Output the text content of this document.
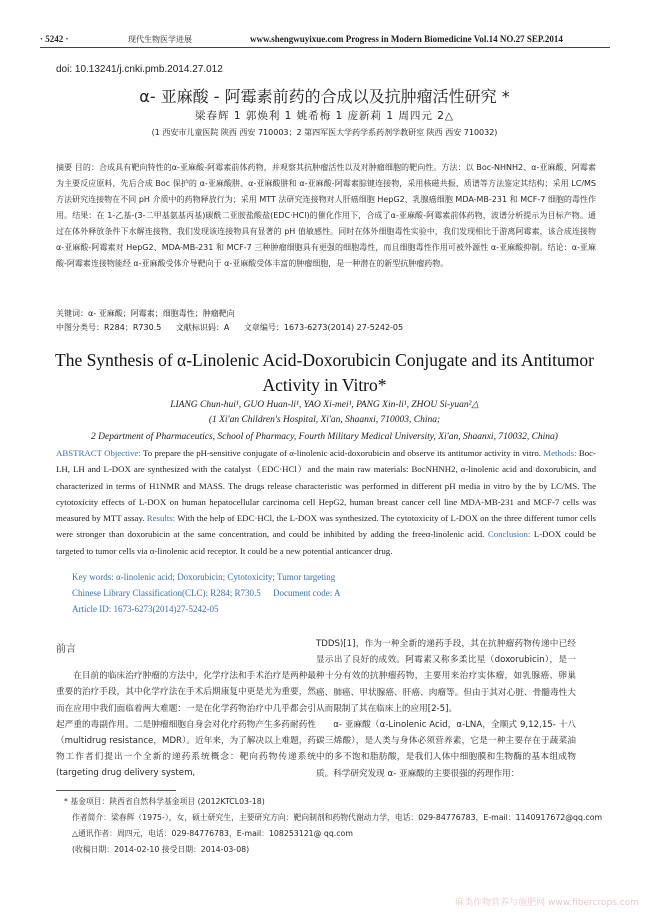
· 5242 ·	现代生物医学进展	www.shengwuyixue.com Progress in Modern Biomedicine Vol.14 NO.27 SEP.2014
doi: 10.13241/j.cnki.pmb.2014.27.012
α- 亚麻酸 - 阿霉素前药的合成以及抗肿瘤活性研究 *
梁春辉 1 郭焕利 1 姚希梅 1 庞新莉 1 周四元 2△
(1 西安市儿童医院 陕西 西安 710003；2 第四军医大学药学系药剂学教研室 陕西 西安 710032)
摘要 目的：合成具有靶向特性的α-亚麻酸-阿霉素前体药物，并观察其抗肿瘤活性以及对肿瘤细胞的靶向性。方法：以 Boc-NHNH2、α-亚麻酸、阿霉素为主要反应原料，先后合成 Boc 保护的 α-亚麻酸肼、α-亚麻酸肼和 α-亚麻酸-阿霉素腙键连接物，采用核磁共振、质谱等方法鉴定其结构；采用 LC/MS 方法研究连接物在不同 pH 介质中的药物释放行为；采用 MTT 法研究连接物对人肝癌细胞 HepG2、乳腺癌细胞 MDA-MB-231 和 MCF-7 细胞的毒性作用。结果：在 1-乙基-(3-二甲基氨基丙基)碳酰二亚胺盐酸盐(EDC·HCl)的催化作用下，合成了α-亚麻酸-阿霉素前体药物，波谱分析提示为目标产物。通过在体外释放条件下水解连接物，我们发现该连接物具有显著的 pH 值敏感性。同时在体外细胞毒性实验中，我们发现相比于游离阿霉素，该合成连接物 α-亚麻酸-阿霉素对 HepG2、MDA-MB-231 和 MCF-7 三种肿瘤细胞具有更强的细胞毒性，而且细胞毒性作用可被外源性 α-亚麻酸抑制。结论：α-亚麻酸-阿霉素连接物能经 α-亚麻酸受体介导靶向于 α-亚麻酸受体丰富的肿瘤细胞，是一种潜在的新型抗肿瘤药物。
关键词：α- 亚麻酸；阿霉素；细胞毒性；肿瘤靶向
中图分类号：R284；R730.5 文献标识码：A 文章编号：1673-6273(2014) 27-5242-05
The Synthesis of α-Linolenic Acid-Doxorubicin Conjugate and its Antitumor Activity in Vitro*
LIANG Chun-hui¹, GUO Huan-li¹, YAO Xi-mei¹, PANG Xin-li¹, ZHOU Si-yuan²△
(1 Xi'an Children's Hospital, Xi'an, Shaanxi, 710003, China;
2 Department of Pharmaceutics, School of Pharmacy, Fourth Military Medical University, Xi'an, Shaanxi, 710032, China)
ABSTRACT Objective: To prepare the pH-sensitive conjugate of α-linolenic acid-doxorubicin and observe its antitumor activity in vitro. Methods: Boc-LH, LH and L-DOX are synthesized with the catalyst（EDC·HCl）and the main raw materials: BocNHNH2, α-linolenic acid and doxorubicin, and characterized in terms of H1NMR and MASS. The drugs release characteristic was performed in different pH media in vitro by the by LC/MS. The cytotoxicity effects of L-DOX on human hepatocellular carcinoma cell HepG2, human breast cancer cell line MDA-MB-231 and MCF-7 cells was measured by MTT assay. Results: With the help of EDC·HCl, the L-DOX was synthesized. The cytotoxicity of L-DOX on the three different tumor cells were stronger than doxorubicin at the same concentration, and could be inhibited by adding the freeα-linolenic acid. Conclusion: L-DOX could be targeted to tumor cells via α-linolenic acid receptor. It could be a new potential anticancer drug.
Key words: α-linolenic acid; Doxorubicin; Cytotoxicity; Tumor targeting
Chinese Library Classification(CLC): R284; R730.5 Document code: A
Article ID: 1673-6273(2014)27-5242-05
前言

在目前的临床治疗肿瘤的方法中，化学疗法和手术治疗是两种最重要的治疗手段，其中化学疗法在手术后期康复中更是尤为重要，然而在应用中我们面临着两大难题：一是在化学药物治疗中几乎都会引起严重的毒副作用。二是肿瘤细胞自身会对化疗药物产生多药耐药性（multidrug resistance，MDR）。近年来，为了解决以上难题，药物工作者们提出一个全新的递药系统概念：靶向药物传递系统(targeting drug delivery system,

TDDS)[1]，作为一种全新的递药手段，其在抗肿瘤药物传递中已经显示出了良好的成效。阿霉素又称多柔比星（doxorubicin），是一种十分有效的抗肿瘤药物，主要用来治疗实体瘤，如乳腺癌、卵巢癌、肺癌、甲状腺癌、肝癌、肉瘤等。但由于其对心脏、骨髓毒性大从而限制了其在临床上的应用[2-5]。

α- 亚麻酸（α-Linolenic Acid，α-LNA，全顺式 9,12,15- 十八碳三烯酸），是人类与身体必须营养素，它是一种主要存在于蔬菜油中的多不饱和脂肪酸，是我们人体中细胞膜和生物酶的基本组成物质。科学研究发现 α- 亚麻酸的主要很强的药理作用：

* 基金项目：陕西省自然科学基金项目 (2012KTCL03-18)
作者简介：梁春辉（1975-），女，硕士研究生，主要研究方向：靶向制剂和药物代谢动力学，电话：029-84776783，E-mail：1140917672@qq.com
△通讯作者：周四元，电话：029-84776783，E-mail：108253121@ qq.com
(收稿日期：2014-02-10 接受日期：2014-03-08)
麻类作物营养与施肥网 www.fibercrops.com
